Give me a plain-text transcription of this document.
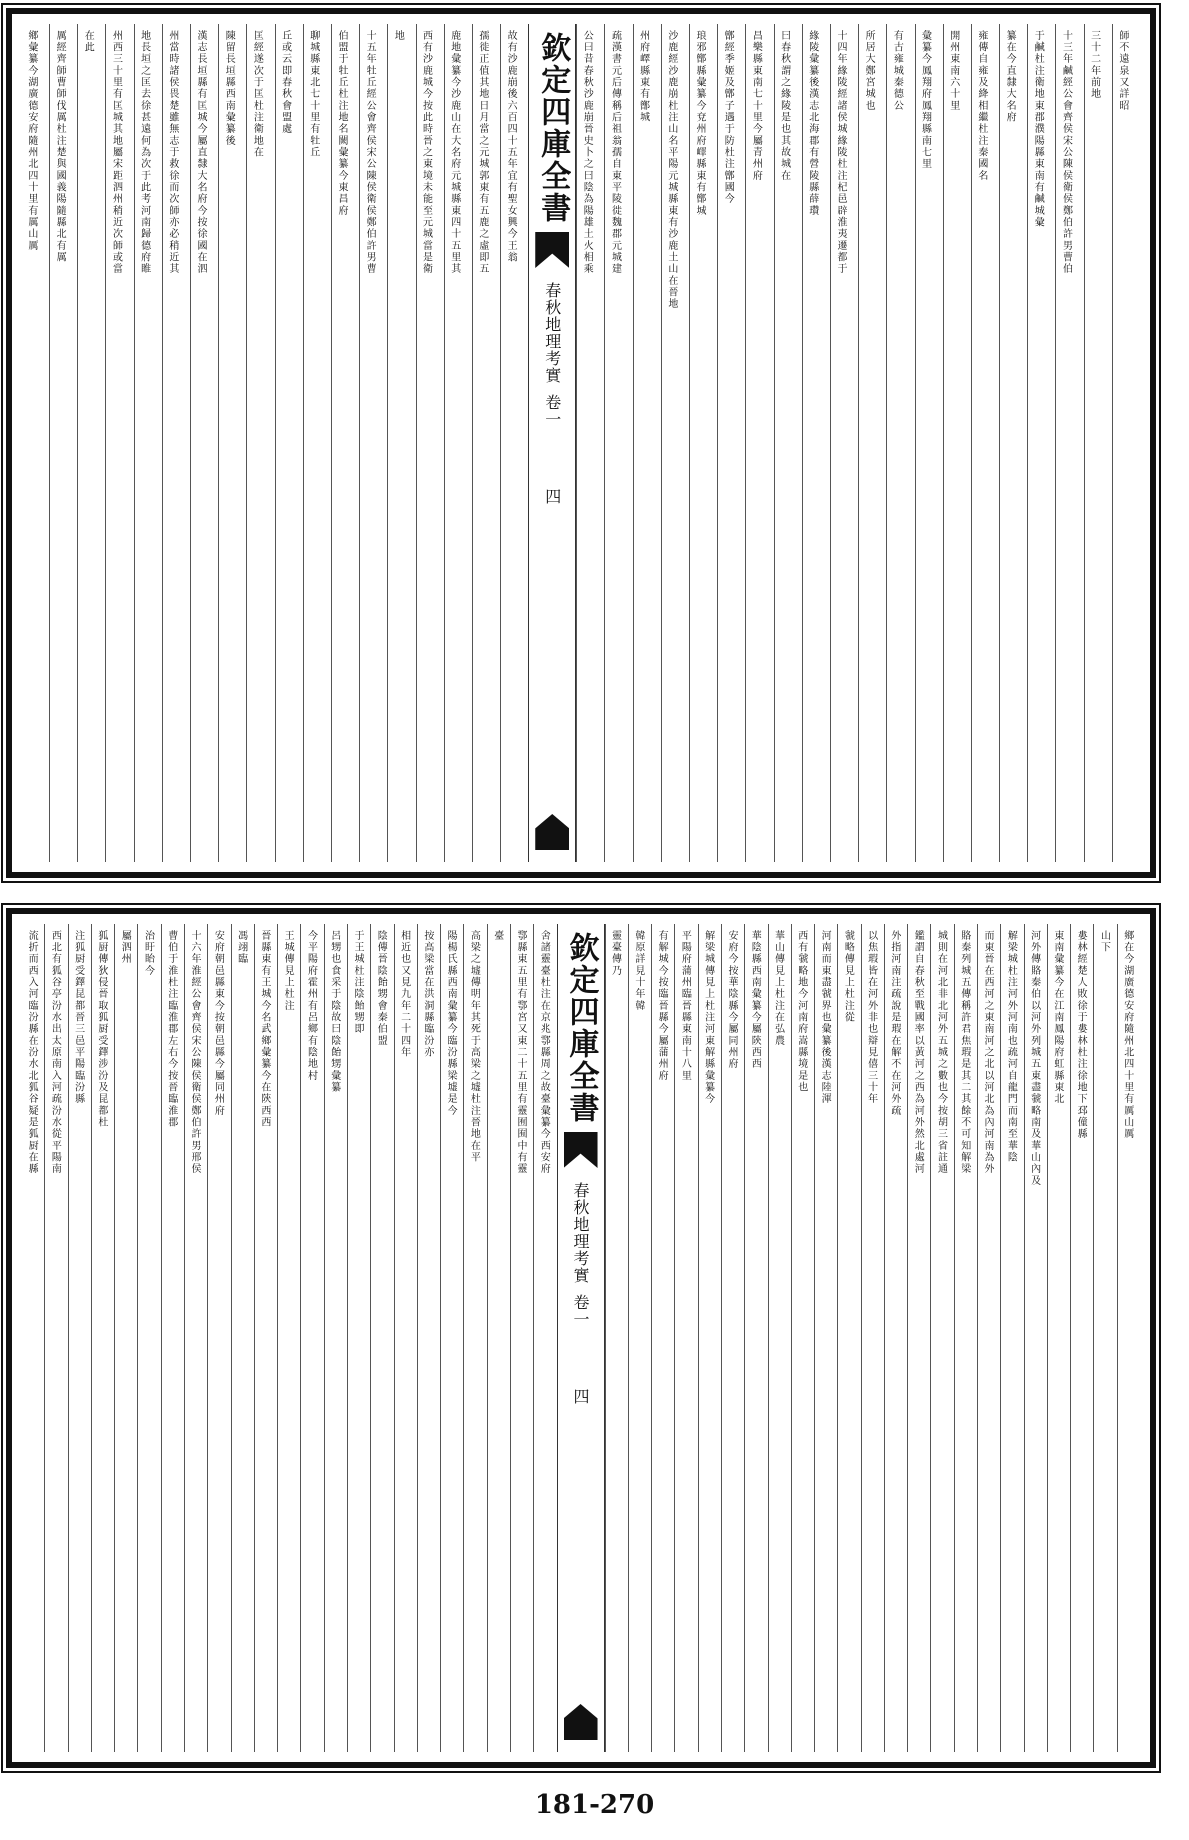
師不遠泉又詳昭
三十二年前地
十三年鹹經公會齊侯宋公陳侯衛侯鄭伯許男曹伯
于鹹杜注衛地東郡濮陽縣東南有鹹城彙
纂在今直隸大名府
雍傳自雍及絳相繼杜注秦國名
開州東南六十里
彙纂今鳳翔府鳳翔縣南七里
有古雍城秦德公
所居大鄭宮城也
十四年緣陵經諸侯城緣陵杜注杞邑辟淮夷遷都于
緣陵彙纂後漢志北海郡有營陵縣薛瓚
曰春秋謂之緣陵是也其故城在
昌樂縣東南七十里今屬青州府
鄫經季姬及鄫子遇于防杜注鄫國今
琅邪鄫縣彙纂今兗州府嶧縣東有鄫城
沙鹿經沙鹿崩杜注山名平陽元城縣東有沙鹿土山在晉地
州府嶧縣東有鄫城
疏漢書元后傳稱后祖翁孺自東平陵徙魏郡元城建
公曰昔春秋沙鹿崩晉史卜之曰陰為陽雄土火相乘
欽定四庫全書
春秋地理考實
卷一
四
故有沙鹿崩後六百四十五年宜有聖女興今王翁
孺徙正值其地日月當之元城郭東有五鹿之虛即五
鹿地彙纂今沙鹿山在大名府元城縣東四十五里其
西有沙鹿城今按此時晉之東境未能至元城當是衛
地
十五年牡丘經公會齊侯宋公陳侯衛侯鄭伯許男曹
伯盟于牡丘杜注地名闕彙纂今東昌府
聊城縣東北七十里有牡丘
丘或云即春秋會盟處
匡經遂次于匡杜注衛地在
陳留長垣縣西南彙纂後
漢志長垣縣有匡城今屬直隸大名府今按徐國在泗
州當時諸侯畏楚雖無志于救徐而次師亦必稍近其
地長垣之匡去徐甚遠何為次于此考河南歸德府睢
州西三十里有匡城其地屬宋距泗州稍近次師或當
在此
厲經齊師曹師伐厲杜注楚與國義陽隨縣北有厲
鄉彙纂今湖廣德安府隨州北四十里有厲山厲
鄉在今湖廣德安府隨州北四十里有厲山厲
山下
婁林經楚人敗徐于婁林杜注徐地下邳僮縣
東南彙纂今在江南鳳陽府虹縣東北
河外傳賂秦伯以河外列城五東盡虢略南及華山內及
解梁城杜注河外河南也疏河自龍門而南至華陰
而東晉在西河之東南河之北以河北為內河南為外
賂秦列城五傳稱許君焦瑕是其二其餘不可知解梁
城則在河北非北河外五城之數也今按胡三省註通
鑑謂自春秋至戰國率以黃河之西為河外然北處河
外指河南注疏說是瑕在解不在河外疏
以焦瑕皆在河外非也辯見僖三十年
虢略傳見上杜注從
河南而東盡虢界也彙纂後漢志陸渾
西有虢略地今河南府嵩縣境是也
華山傳見上杜注在弘農
華陰縣西南彙纂今屬陝西西
安府今按華陰縣今屬同州府
解梁城傳見上杜注河東解縣彙纂今
平陽府蒲州臨晉縣東南十八里
有解城今按臨晉縣今屬蒲州府
韓原詳見十年韓
靈臺傳乃
欽定四庫全書
春秋地理考實
卷一
四
舍諸靈臺杜注在京兆鄠縣周之故臺彙纂今西安府
鄠縣東五里有鄠宮又東二十五里有靈囿囿中有靈
臺
高梁之墟傳明年其死于高梁之墟杜注晉地在平
陽楊氏縣西南彙纂今臨汾縣梁墟是今
按高梁當在洪洞縣臨汾亦
相近也又見九年二十四年
陰傳晉陰飴甥會秦伯盟
于王城杜注陰飴甥即
呂甥也食采于陰故曰陰飴甥彙纂
今平陽府霍州有呂鄉有陰地村
王城傳見上杜注
晉縣東有王城今名武鄉彙纂今在陝西西
馮翊臨
安府朝邑縣東今按朝邑縣今屬同州府
十六年淮經公會齊侯宋公陳侯衛侯鄭伯許男邢侯
曹伯于淮杜注臨淮郡左右今按晉臨淮郡
治盱眙今
屬泗州
狐厨傳狄侵晉取狐厨受鐸涉汾及昆都杜
注狐厨受鐸昆都晉三邑平陽臨汾縣
西北有狐谷亭汾水出太原南入河疏汾水從平陽南
流折而西入河臨汾縣在汾水北狐谷疑是狐厨在縣
181-270
